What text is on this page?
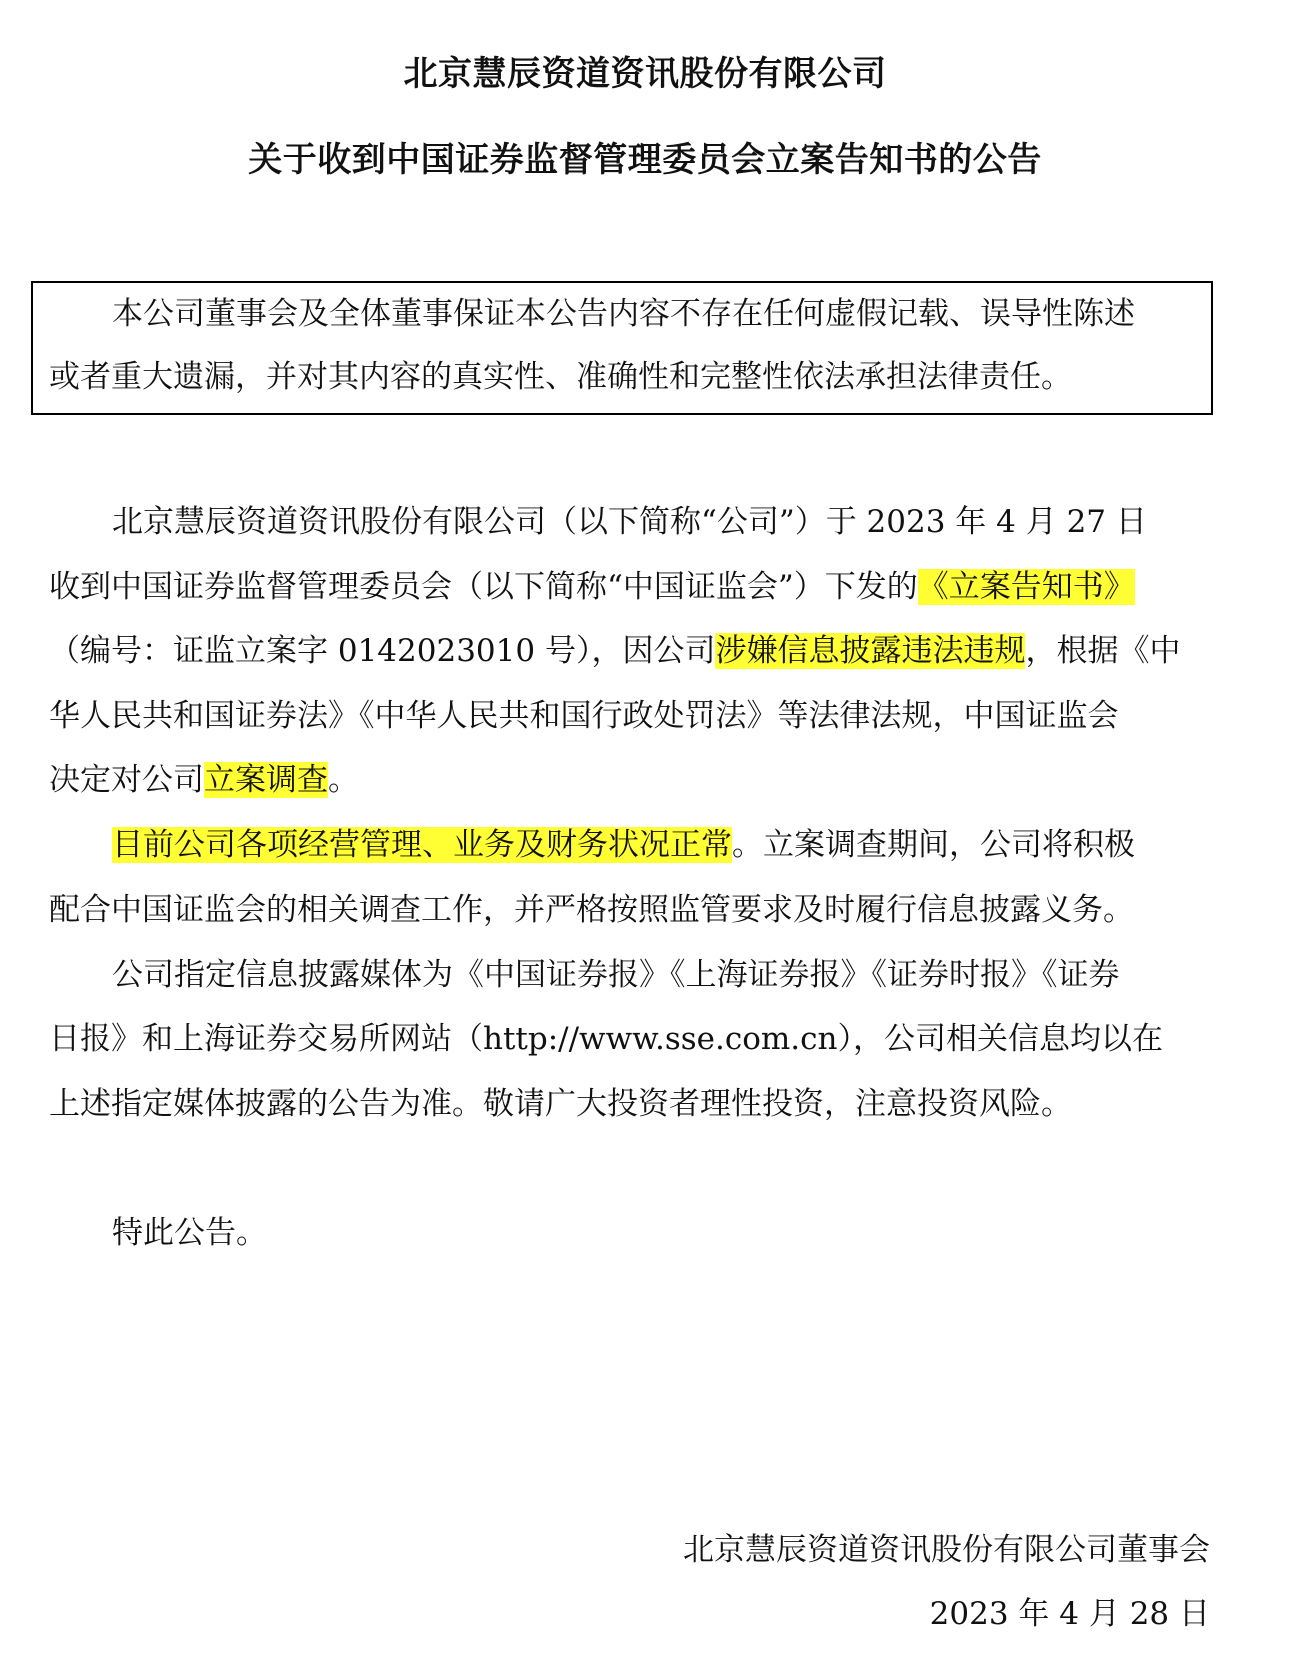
北京慧辰资道资讯股份有限公司
关于收到中国证券监督管理委员会立案告知书的公告
本公司董事会及全体董事保证本公告内容不存在任何虚假记载、误导性陈述
或者重大遗漏，并对其内容的真实性、准确性和完整性依法承担法律责任。
北京慧辰资道资讯股份有限公司（以下简称“公司”）于 2023 年 4 月 27 日
收到中国证券监督管理委员会（以下简称“中国证监会”）下发的《立案告知书》
（编号：证监立案字 0142023010 号），因公司涉嫌信息披露违法违规，根据《中
华人民共和国证券法》《中华人民共和国行政处罚法》等法律法规，中国证监会
决定对公司立案调查。
目前公司各项经营管理、业务及财务状况正常。立案调查期间，公司将积极
配合中国证监会的相关调查工作，并严格按照监管要求及时履行信息披露义务。
公司指定信息披露媒体为《中国证券报》《上海证券报》《证券时报》《证券
日报》和上海证券交易所网站（http://www.sse.com.cn），公司相关信息均以在
上述指定媒体披露的公告为准。敬请广大投资者理性投资，注意投资风险。
特此公告。
北京慧辰资道资讯股份有限公司董事会
2023 年 4 月 28 日
